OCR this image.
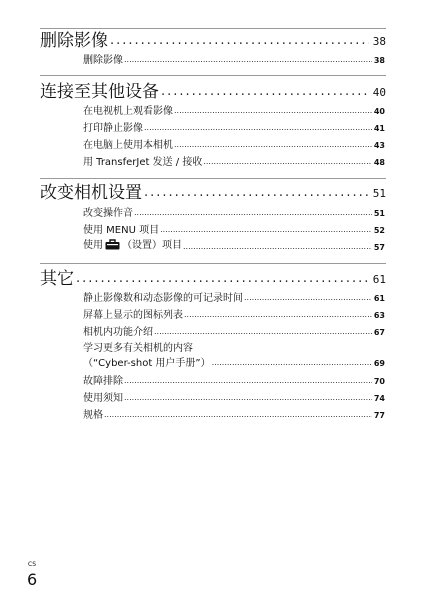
删除影像 .....	38
删除影像 .....	38
连接至其他设备 .....	40
在电视机上观看影像 .....	40
打印静止影像 .....	41
在电脑上使用本相机 .....	43
用 TransferJet 发送 / 接收 .....	48
改变相机设置 .....	51
改变操作音 .....	51
使用 MENU 项目 .....	52
使用 （设置）项目 .....	57
其它 .....	61
静止影像数和动态影像的可记录时间 .....	61
屏幕上显示的图标列表 .....	63
相机内功能介绍 .....	67
学习更多有关相机的内容
（“Cyber-shot 用户手册”） .....	69
故障排除 .....	70
使用须知 .....	74
规格 .....	77
CS
6
